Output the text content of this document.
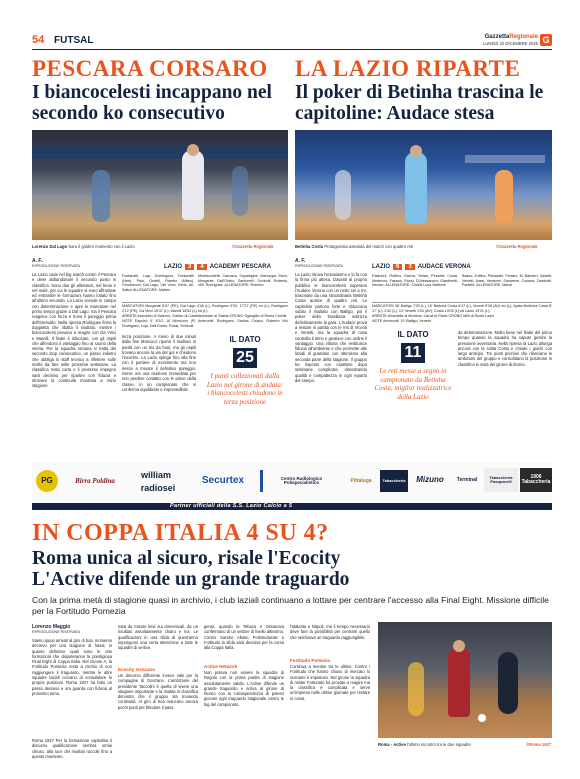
54 FUTSAL	GazzettaRegionale
LUNEDÌ 22 DICEMBRE 2025 G
PESCARA CORSARO
I biancocelesti incappano nel secondo ko consecutivo
Lorenzo Dal Lago Sara il golden momento con il Lazio	©Gazzetta Regionale
A. F.
RIPRODUZIONE RISERVATA	LAZIO	3	4	ACADEMY PESCARA
Fontanelli, Luja, Dominguez, Fontanelli (Neri), Palo, Ordelli, Rambo (Miteo), Giovannoni, Dal Lago, Vici Vinci, Gerlo. All. Salice ALLENATORE: Matteo
Montecchietti, Caruana, Sopalsighe, Marioppa, Moro, Morgante, Dall'Ombo, Zanfonelli, Schirolli, Roberto, Villi, Rodrigues. ALLENATORE: Roberto
MARCATORI Morgante 8'57 (PE); Dal Lago 4'48 (L); Rodriguez 9'20, 17'37 (PE) ed (L); Rodriguez 2'12 (PE); Da Vinci 15'47 (L); Marelli 18'52 (L) ed (L).
ARBITRI Azzolotto di Salerno, Gallico di Castellammare di Stabia CRONO Sgangilio di Roma Cinelle
NOTE Espulsi: 5' 8'10'. Al Montuoro (P) Ammoniti: Rodriguez, Santos Ciriaco, Roberto Vici Rodriguez, Luja, Dall'Ombo, Rossi, Schirolli
La Lazio cade nel big match contro il Pescara e deve abbandonare il secondo posto in classifica. Sono due gli allenatori, nel bene e nel male, per cui le squadre si sono affrontate ed entrambe le formazioni hanno lottato fino all'ultimo secondo. La Lazio scende in campo con determinazione e apre le marcature nel primo tempo grazie a Dal Lago, ma il Pescara reagisce con forza e trova il pareggio prima dell'intervallo. Nella ripresa Rodrigues firma la doppietta che ribalta il risultato, mentre i biancocelesti provano a reagire con Da Vinci e Marelli. Il finale è infuocato, con gli ospiti che difendono il vantaggio fino al suono della sirena. Per la squadra romana si tratta del secondo stop consecutivo, un passo indietro che obbliga lo staff tecnico a riflettere sulle scelte da fare nelle prossime settimane. La classifica resta corta e il prossimo impegno sarà decisivo per ripartire con fiducia e ritrovare la continuità mostrata a inizio stagione.
terza posizione. A meno di due minuti dalla fine Marcucci riporta il risultato in parità con un tiro da fuori, ma gli ospiti trovano ancora la via del gol e chiudono l'incontro. La Lazio spinge fino alla fine con il portiere di movimento ma non riesce a trovare il definitivo pareggio. Serve ora una reazione immediata per non perdere contatto con le prime della classe, in un campionato che si conferma equilibrato e imprevedibile.
IL DATO
25
I punti collezionati dalla Lazio nel girone di andata: i biancocelesti chiudono in terza posizione
LA LAZIO RIPARTE
Il poker di Betinha trascina le capitoline: Audace stesa
Betinha Costa Protagonista assoluta del match con quattro reti	©Gazzetta Regionale
A. F.
RIPRODUZIONE RISERVATA	LAZIO	6	3	AUDACE VERONA
Pastorini, Ruffino, Garcia, Yerlan, Pezzetti, Costa, Medeiros, Fasano, Rossi, D'Alessandro, Giardinetti, Veneto. ALLENATORE: Chilelli Luca Mattone
Basso, Zuffino, Penasale, Ferraro, M. Barbieri, Zanetti, Venetti, Ilussi, Venturini, Savarese, Cosana, Zambotti, Paoletti. ALLENATORE: Manzi
MARCATORI 36' Balligo 7'20 (L); 10' Betinha Costa 6'47 (L); Vicenti 6'26 (AV) ed (L); Ayala Bertinha Costa 8' 17' (L); 2'42 (L); 13' Venetti 1'04 (AV); Costa 14'03 (L) ed Lazio 19'21 (L).
ARBITRI Urbanella di Modena, Caruli di Pavia CRONO Milli di Ruote Lazio
NOTE Ammoniti: 10' Balligo, Veneto
La Lazio ritrova l'entusiasmo e lo fa con la firma più attesa. Davanti al proprio pubblico le biancocelesti superano l'Audace Verona con un netto sei a tre, trascinate da una straordinaria Betinha Costa autrice di quattro reti. Le capitoline partono forte e sbloccano subito il risultato con Balligo, poi il poker della brasiliana indirizza definitivamente la gara. L'Audace prova a restare in partita con le reti di Vicenti e Venetti, ma la squadra di casa controlla il ritmo e gestisce con ordine il vantaggio. Una vittoria che restituisce fiducia all'ambiente e che permette alle laziali di guardare con ottimismo alla seconda parte della stagione. Il gruppo ha risposto con carattere dopo settimane complicate, dimostrando qualità e compattezza in ogni reparto del campo.
da determinazione. Molto bene nel finale del primo tempo quando la squadra ha saputo gestire la pressione avversaria. Nella ripresa la Lazio allunga ancora con la solita Costa e chiude i giochi con largo anticipo. Tre punti preziosi che rilanciano le ambizioni del gruppo e consolidano la posizione in classifica in vista del girone di ritorno.
IL DATO
11
Le reti messe a segno in campionato da Betinha Costa, miglior realizzatrice della Lazio
PG	Birra Poldina
william
radiosei
Securtex	Centro Radiologico Polispecialistico	Pittaluga	Tabaccheria	Mizuno	Terminal	Tabaccheria Pasquarelli
1906 Tabaccheria
Partner ufficiali della S.S. Lazio Calcio a 5
IN COPPA ITALIA 4 SU 4?
Roma unica al sicuro, risale l'Ecocity
L'Active difende un grande traguardo
Con la prima metà di stagione quasi in archivio, i club laziali continuano a lottare per centrare l'accesso alla Final Eight. Missione difficile per la Fortitudo Pomezia
Lorenzo Maggio
RIPRODUZIONE RISERVATA
Siamo quasi arrivati al giro di boa, momento decisivo per una stagione di futsal, in quanto definisce quali sono le otto formazioni che disputeranno la prestigiosa Final Eight di Coppa Italia. Nel Girone A, la Fortitudo Pomezia resta a rischio di non raggiungere il traguardo, mentre le altre squadre laziali cercano di consolidare le proprie posizioni. Roma 1927 ha fatto un passo decisivo e ora guarda con fiducia al prossimo turno.
Roma 1927 Per la formazione capitolina il discorso qualificazione sembra ormai chiuso, alla luce dei risultati raccolti fino a questo momento.
nata da misure lievi sui domenicali, da un risultato assolutamente chiaro e noi. Le qualificazioni in una sfida di quest'anno impongono una certa attenzione a tutte le squadre di vertice.
Ecocity Genzano
Un discorso differente invece vale per la compagine di Genzano. L'ambizione del presidente Taccolini è quella di vivere una stagione importante e la risalita in classifica dimostra che il gruppo sta trovando continuità. Al giro di boa mancano ancora pochi punti per blindare il pass.
gento, quando la Tebaca e Ossanova confermano di un settore di livello altissimo. Contro Sandro Abate, Polistrutturale e Fortitudo la sfida sarà decisiva per la corsa alla Coppa Italia.
Active Network
Non poteva non essere la squadra di Regolo con la prima partita di stagione assolutamente valida. L'Active difende un grande traguardo e arriva al girone di ritorno con la consapevolezza di potersi giocare ogni traguardo stagionale contro le big del campionato.
l'atalanta e Napoli, ma il tempo necessario deve fare la possibilità per centrare quello che sembrava un traguardo raggiungibile.
Fortitudo Pomezia
Continua a mentire tra le ultime. Contro i Fortitudo che hanno chiuso di mercato lo scenario è impietoso. Nel girone la squadra di mister Fortunato ha provato a reagire ma la classifica è complicata e serve un'impresa nelle ultime giornate per restare in corsa.
Roma - Active l'ultimo incontro tra le due squadre	©Roma 1927
